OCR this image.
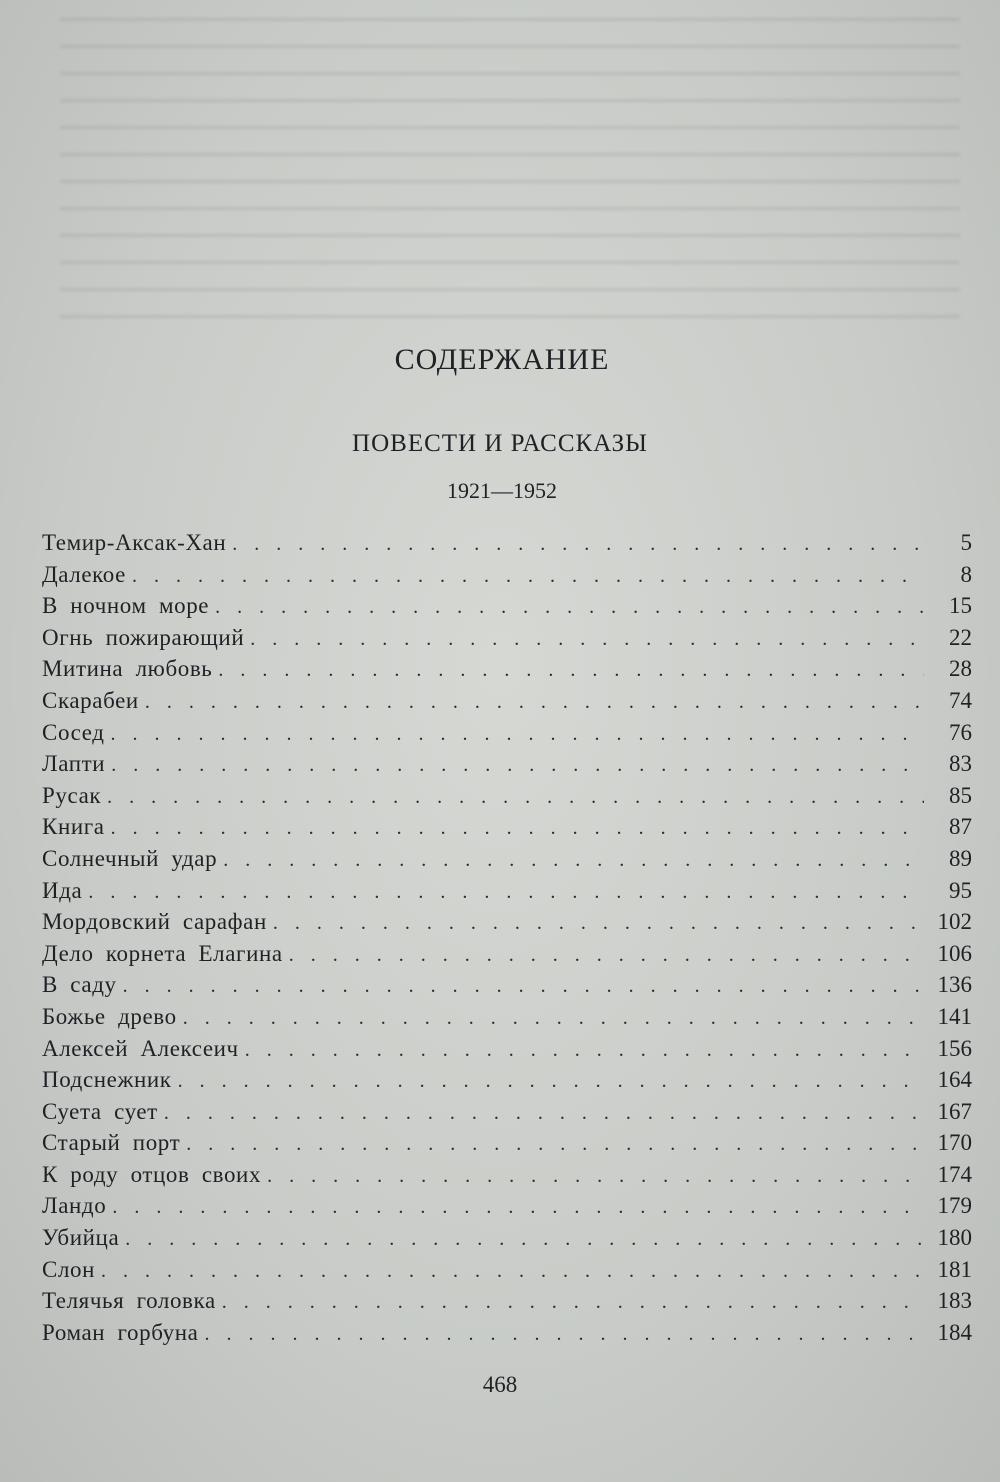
СОДЕРЖАНИЕ
ПОВЕСТИ И РАССКАЗЫ
1921—1952
Темир-Аксак-Хан . . .	5
Далекое . . .	8
В ночном море . . .	15
Огнь пожирающий . . .	22
Митина любовь . . .	28
Скарабеи . . .	74
Сосед . . .	76
Лапти . . .	83
Русак . . .	85
Книга . . .	87
Солнечный удар . . .	89
Ида . . .	95
Мордовский сарафан . . .	102
Дело корнета Елагина . . .	106
В саду . . .	136
Божье древо . . .	141
Алексей Алексеич . . .	156
Подснежник . . .	164
Суета сует . . .	167
Старый порт . . .	170
К роду отцов своих . . .	174
Ландо . . .	179
Убийца . . .	180
Слон . . .	181
Телячья головка . . .	183
Роман горбуна . . .	184
468
